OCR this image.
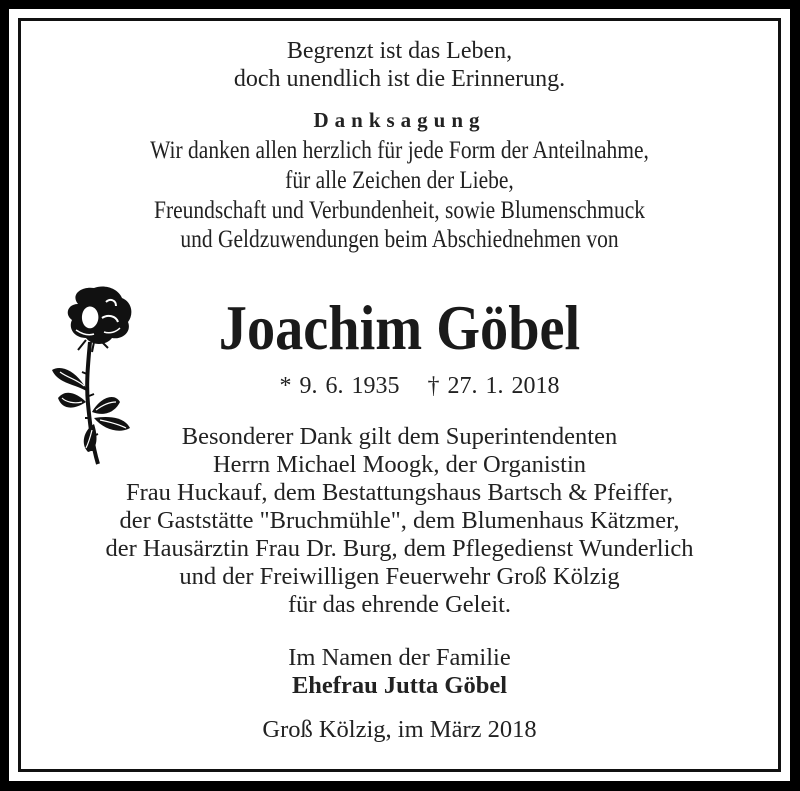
Begrenzt ist das Leben,
doch unendlich ist die Erinnerung.
Danksagung
Wir danken allen herzlich für jede Form der Anteilnahme,
für alle Zeichen der Liebe,
Freundschaft und Verbundenheit, sowie Blumenschmuck
und Geldzuwendungen beim Abschiednehmen von
Joachim Göbel
* 9. 6. 1935 † 27. 1. 2018
Besonderer Dank gilt dem Superintendenten
Herrn Michael Moogk, der Organistin
Frau Huckauf, dem Bestattungshaus Bartsch & Pfeiffer,
der Gaststätte "Bruchmühle", dem Blumenhaus Kätzmer,
der Hausärztin Frau Dr. Burg, dem Pflegedienst Wunderlich
und der Freiwilligen Feuerwehr Groß Kölzig
für das ehrende Geleit.
Im Namen der Familie
Ehefrau Jutta Göbel
Groß Kölzig, im März 2018
